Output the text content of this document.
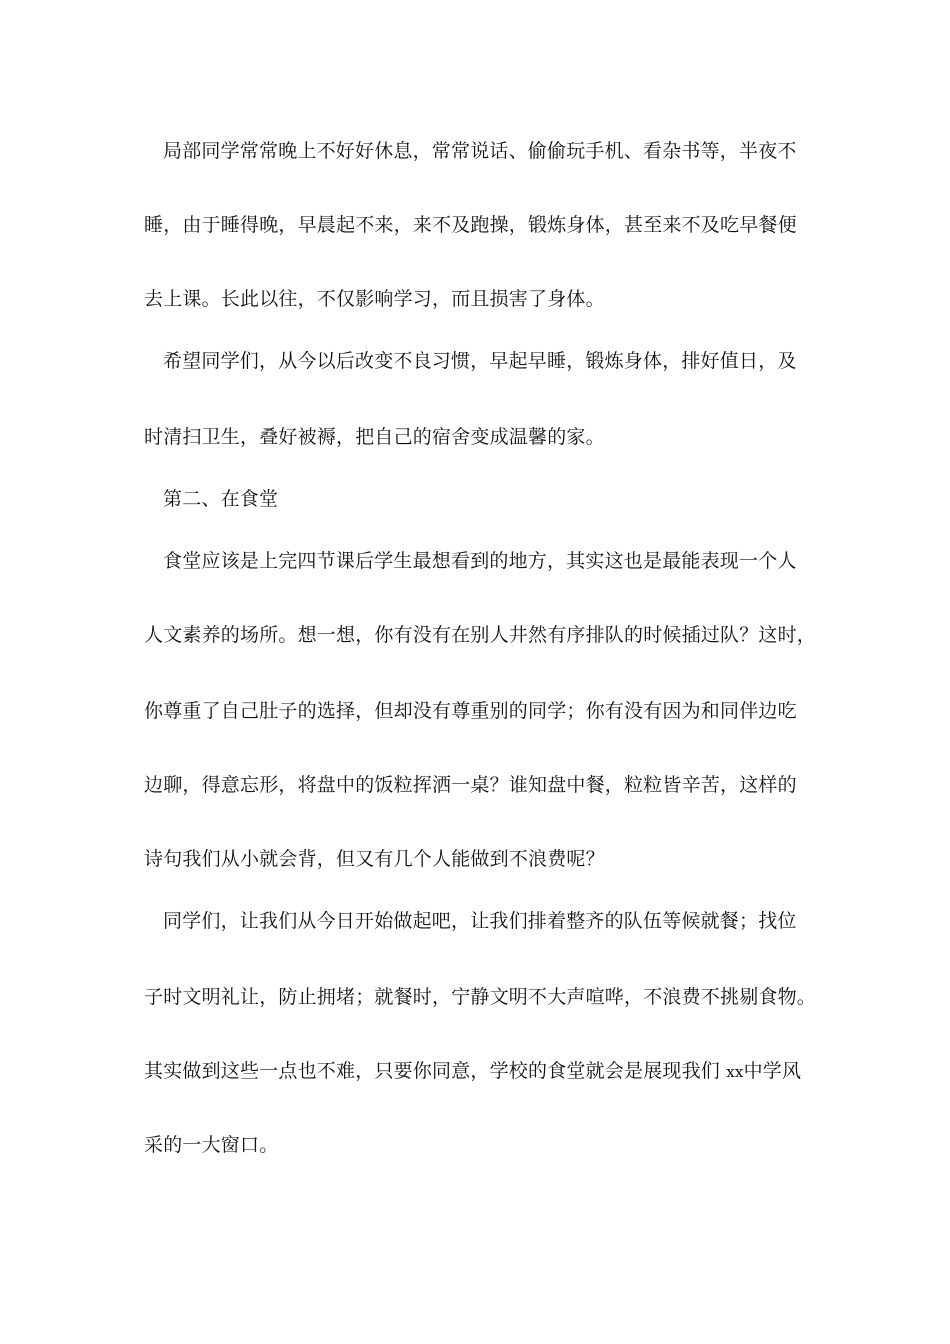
局部同学常常晚上不好好休息，常常说话、偷偷玩手机、看杂书等，半夜不
睡，由于睡得晚，早晨起不来，来不及跑操，锻炼身体，甚至来不及吃早餐便
去上课。长此以往，不仅影响学习，而且损害了身体。
希望同学们，从今以后改变不良习惯，早起早睡，锻炼身体，排好值日，及
时清扫卫生，叠好被褥，把自己的宿舍变成温馨的家。
第二、在食堂
食堂应该是上完四节课后学生最想看到的地方，其实这也是最能表现一个人
人文素养的场所。想一想，你有没有在别人井然有序排队的时候插过队？这时，
你尊重了自己肚子的选择，但却没有尊重别的同学；你有没有因为和同伴边吃
边聊，得意忘形，将盘中的饭粒挥洒一桌？谁知盘中餐，粒粒皆辛苦，这样的
诗句我们从小就会背，但又有几个人能做到不浪费呢？
同学们，让我们从今日开始做起吧，让我们排着整齐的队伍等候就餐；找位
子时文明礼让，防止拥堵；就餐时，宁静文明不大声喧哗，不浪费不挑剔食物。
其实做到这些一点也不难，只要你同意，学校的食堂就会是展现我们 xx中学风
采的一大窗口。
